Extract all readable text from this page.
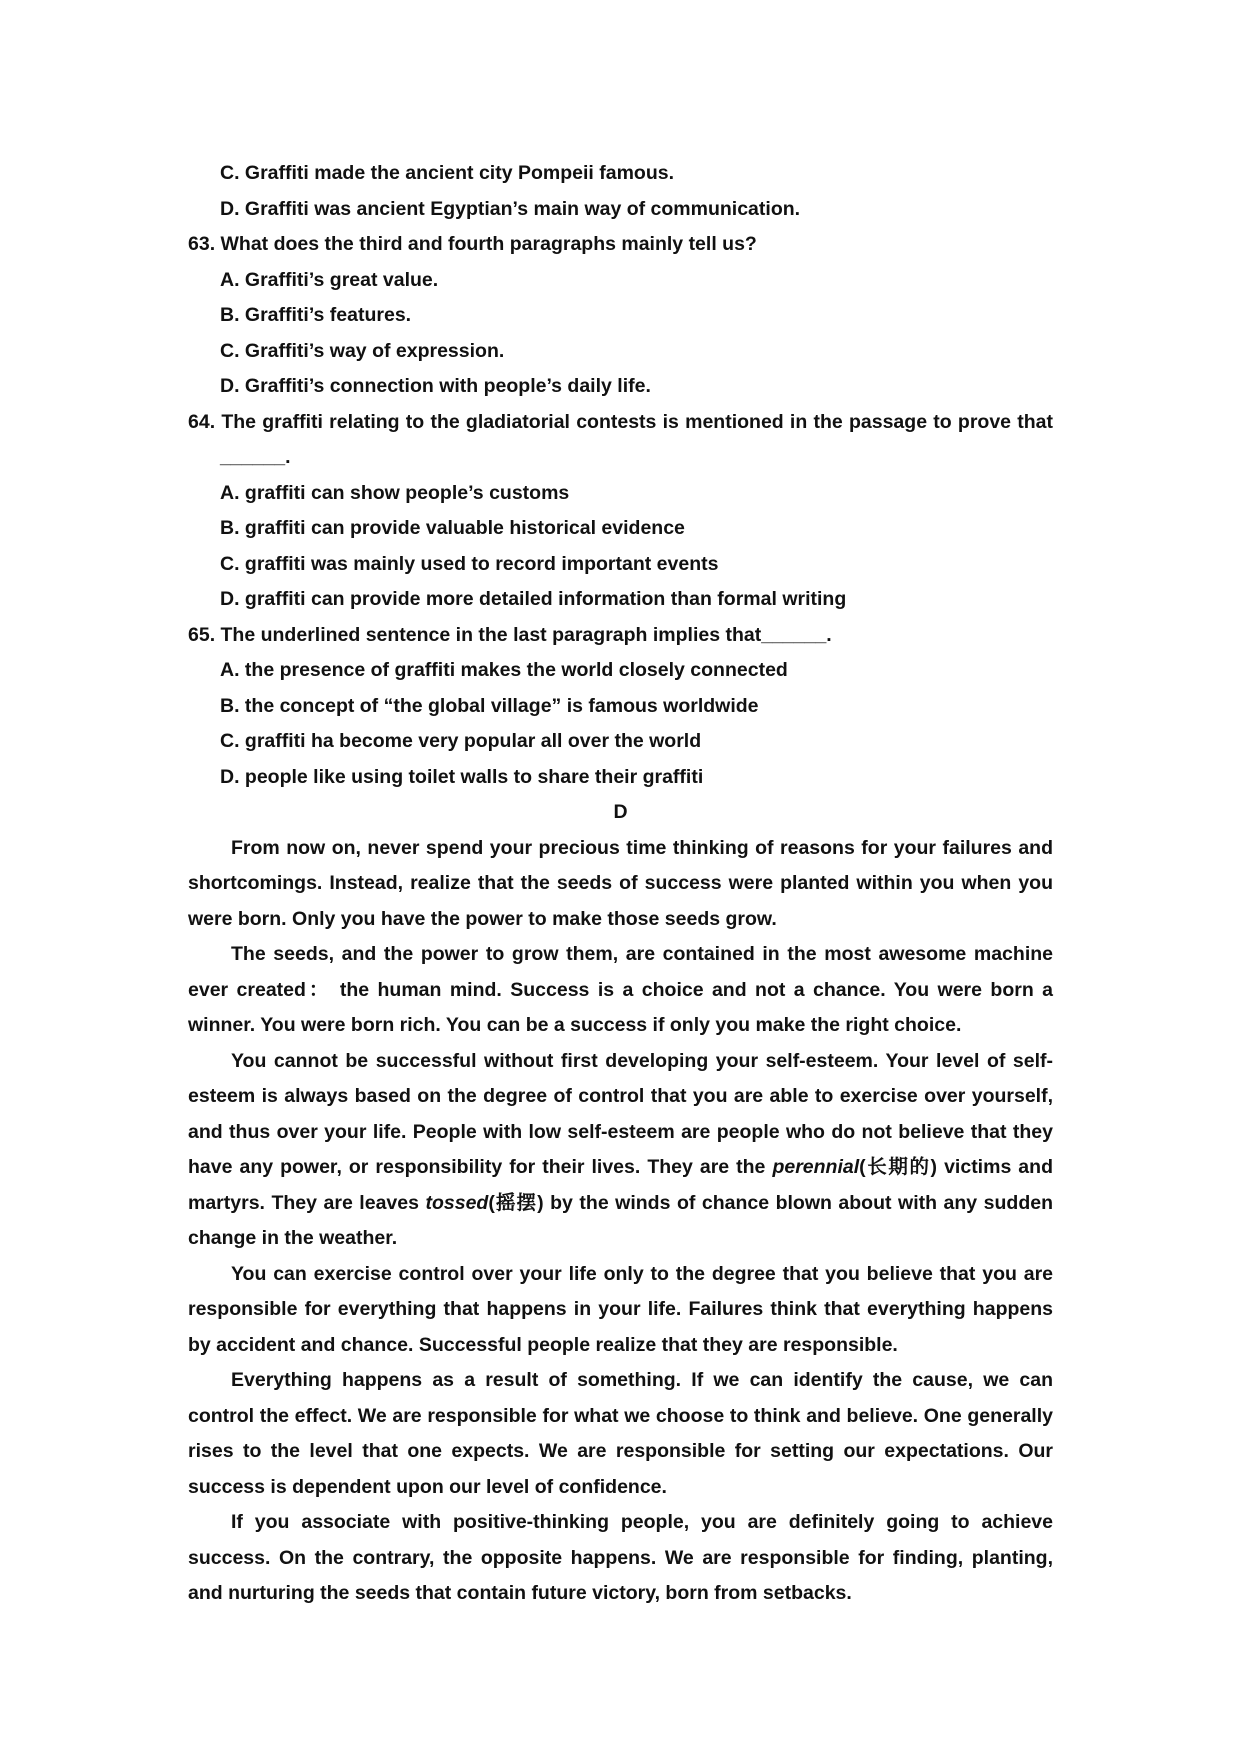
C. Graffiti made the ancient city Pompeii famous.
D. Graffiti was ancient Egyptian’s main way of communication.
63. What does the third and fourth paragraphs mainly tell us?
A. Graffiti’s great value.
B. Graffiti’s features.
C. Graffiti’s way of expression.
D. Graffiti’s connection with people’s daily life.
64. The graffiti relating to the gladiatorial contests is mentioned in the passage to prove that
______.
A. graffiti can show people’s customs
B. graffiti can provide valuable historical evidence
C. graffiti was mainly used to record important events
D. graffiti can provide more detailed information than formal writing
65. The underlined sentence in the last paragraph implies that______.
A. the presence of graffiti makes the world closely connected
B. the concept of “the global village” is famous worldwide
C. graffiti ha become very popular all over the world
D. people like using toilet walls to share their graffiti
D

From now on, never spend your precious time thinking of reasons for your failures and shortcomings. Instead, realize that the seeds of success were planted within you when you were born. Only you have the power to make those seeds grow.

The seeds, and the power to grow them, are contained in the most awesome machine ever created： the human mind. Success is a choice and not a chance. You were born a winner. You were born rich. You can be a success if only you make the right choice.

You cannot be successful without first developing your self-esteem. Your level of self-esteem is always based on the degree of control that you are able to exercise over yourself, and thus over your life. People with low self-esteem are people who do not believe that they have any power, or responsibility for their lives. They are the perennial(长期的) victims and martyrs. They are leaves tossed(摇摆) by the winds of chance blown about with any sudden change in the weather.

You can exercise control over your life only to the degree that you believe that you are responsible for everything that happens in your life. Failures think that everything happens by accident and chance. Successful people realize that they are responsible.

Everything happens as a result of something. If we can identify the cause, we can control the effect. We are responsible for what we choose to think and believe. One generally rises to the level that one expects. We are responsible for setting our expectations. Our success is dependent upon our level of confidence.

If you associate with positive-thinking people, you are definitely going to achieve success. On the contrary, the opposite happens. We are responsible for finding, planting, and nurturing the seeds that contain future victory, born from setbacks.
